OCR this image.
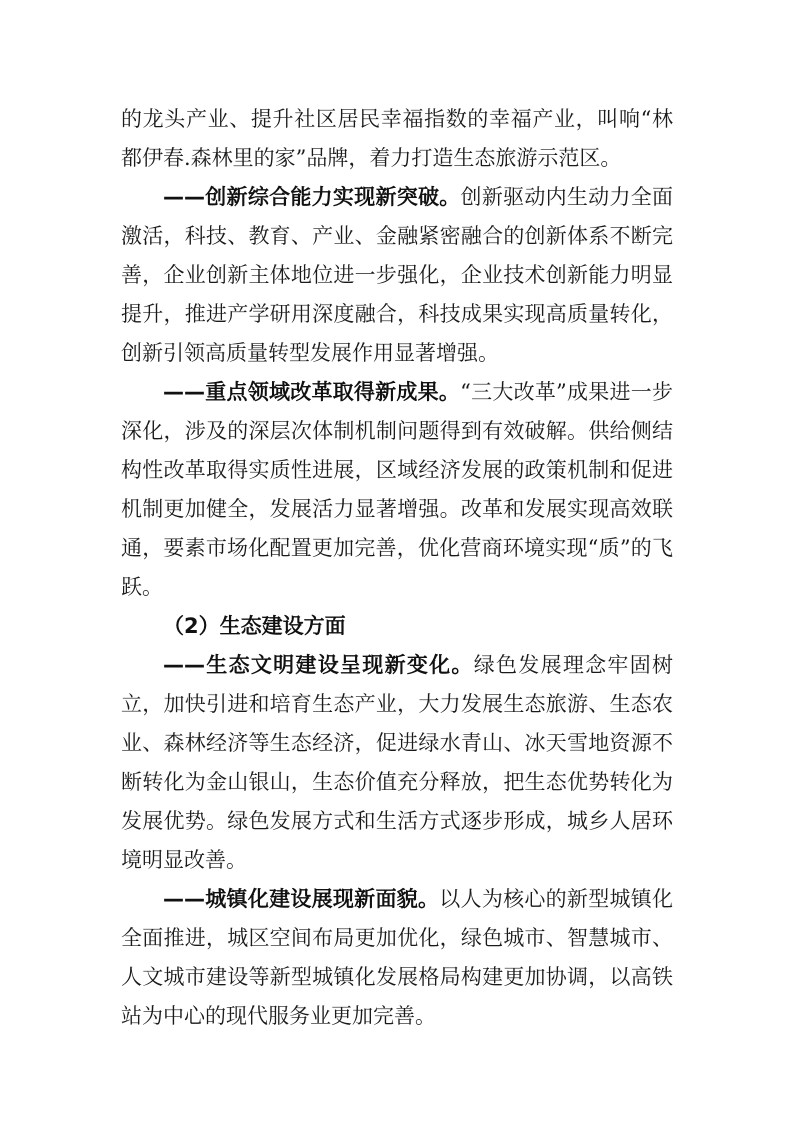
的龙头产业、提升社区居民幸福指数的幸福产业，叫响“林都伊春.森林里的家”品牌，着力打造生态旅游示范区。

——创新综合能力实现新突破。创新驱动内生动力全面激活，科技、教育、产业、金融紧密融合的创新体系不断完善，企业创新主体地位进一步强化，企业技术创新能力明显提升，推进产学研用深度融合，科技成果实现高质量转化，创新引领高质量转型发展作用显著增强。

——重点领域改革取得新成果。“三大改革”成果进一步深化，涉及的深层次体制机制问题得到有效破解。供给侧结构性改革取得实质性进展，区域经济发展的政策机制和促进机制更加健全，发展活力显著增强。改革和发展实现高效联通，要素市场化配置更加完善，优化营商环境实现“质”的飞跃。

（2）生态建设方面

——生态文明建设呈现新变化。绿色发展理念牢固树立，加快引进和培育生态产业，大力发展生态旅游、生态农业、森林经济等生态经济，促进绿水青山、冰天雪地资源不断转化为金山银山，生态价值充分释放，把生态优势转化为发展优势。绿色发展方式和生活方式逐步形成，城乡人居环境明显改善。

——城镇化建设展现新面貌。以人为核心的新型城镇化全面推进，城区空间布局更加优化，绿色城市、智慧城市、人文城市建设等新型城镇化发展格局构建更加协调，以高铁站为中心的现代服务业更加完善。
